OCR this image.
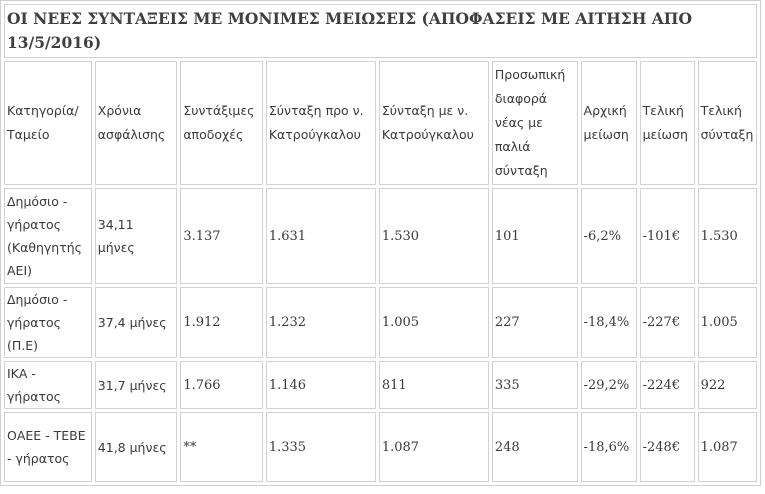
ΟΙ ΝΕΕΣ ΣΥΝΤΑΞΕΙΣ ΜΕ ΜΟΝΙΜΕΣ ΜΕΙΩΣΕΙΣ (ΑΠΟΦΑΣΕΙΣ ΜΕ ΑΙΤΗΣΗ ΑΠΟ 13/5/2016)								
Κατηγορία/ Ταμείο	Χρόνια ασφάλισης	Συντάξιμες αποδοχές	Σύνταξη προ ν. Κατρούγκαλου	Σύνταξη με ν. Κατρούγκαλου	Προσωπική διαφορά νέας με παλιά σύνταξη	Αρχική μείωση	Τελική μείωση	Τελική σύνταξη
Δημόσιο - γήρατος (Καθηγητής ΑΕΙ)	34,11 μήνες	3.137	1.631	1.530	101	-6,2%	-101€	1.530
Δημόσιο - γήρατος (Π.Ε)	37,4 μήνες	1.912	1.232	1.005	227	-18,4%	-227€	1.005
ΙΚΑ - γήρατος	31,7 μήνες	1.766	1.146	811	335	-29,2%	-224€	922
ΟΑΕΕ - ΤΕΒΕ - γήρατος	41,8 μήνες	**	1.335	1.087	248	-18,6%	-248€	1.087
